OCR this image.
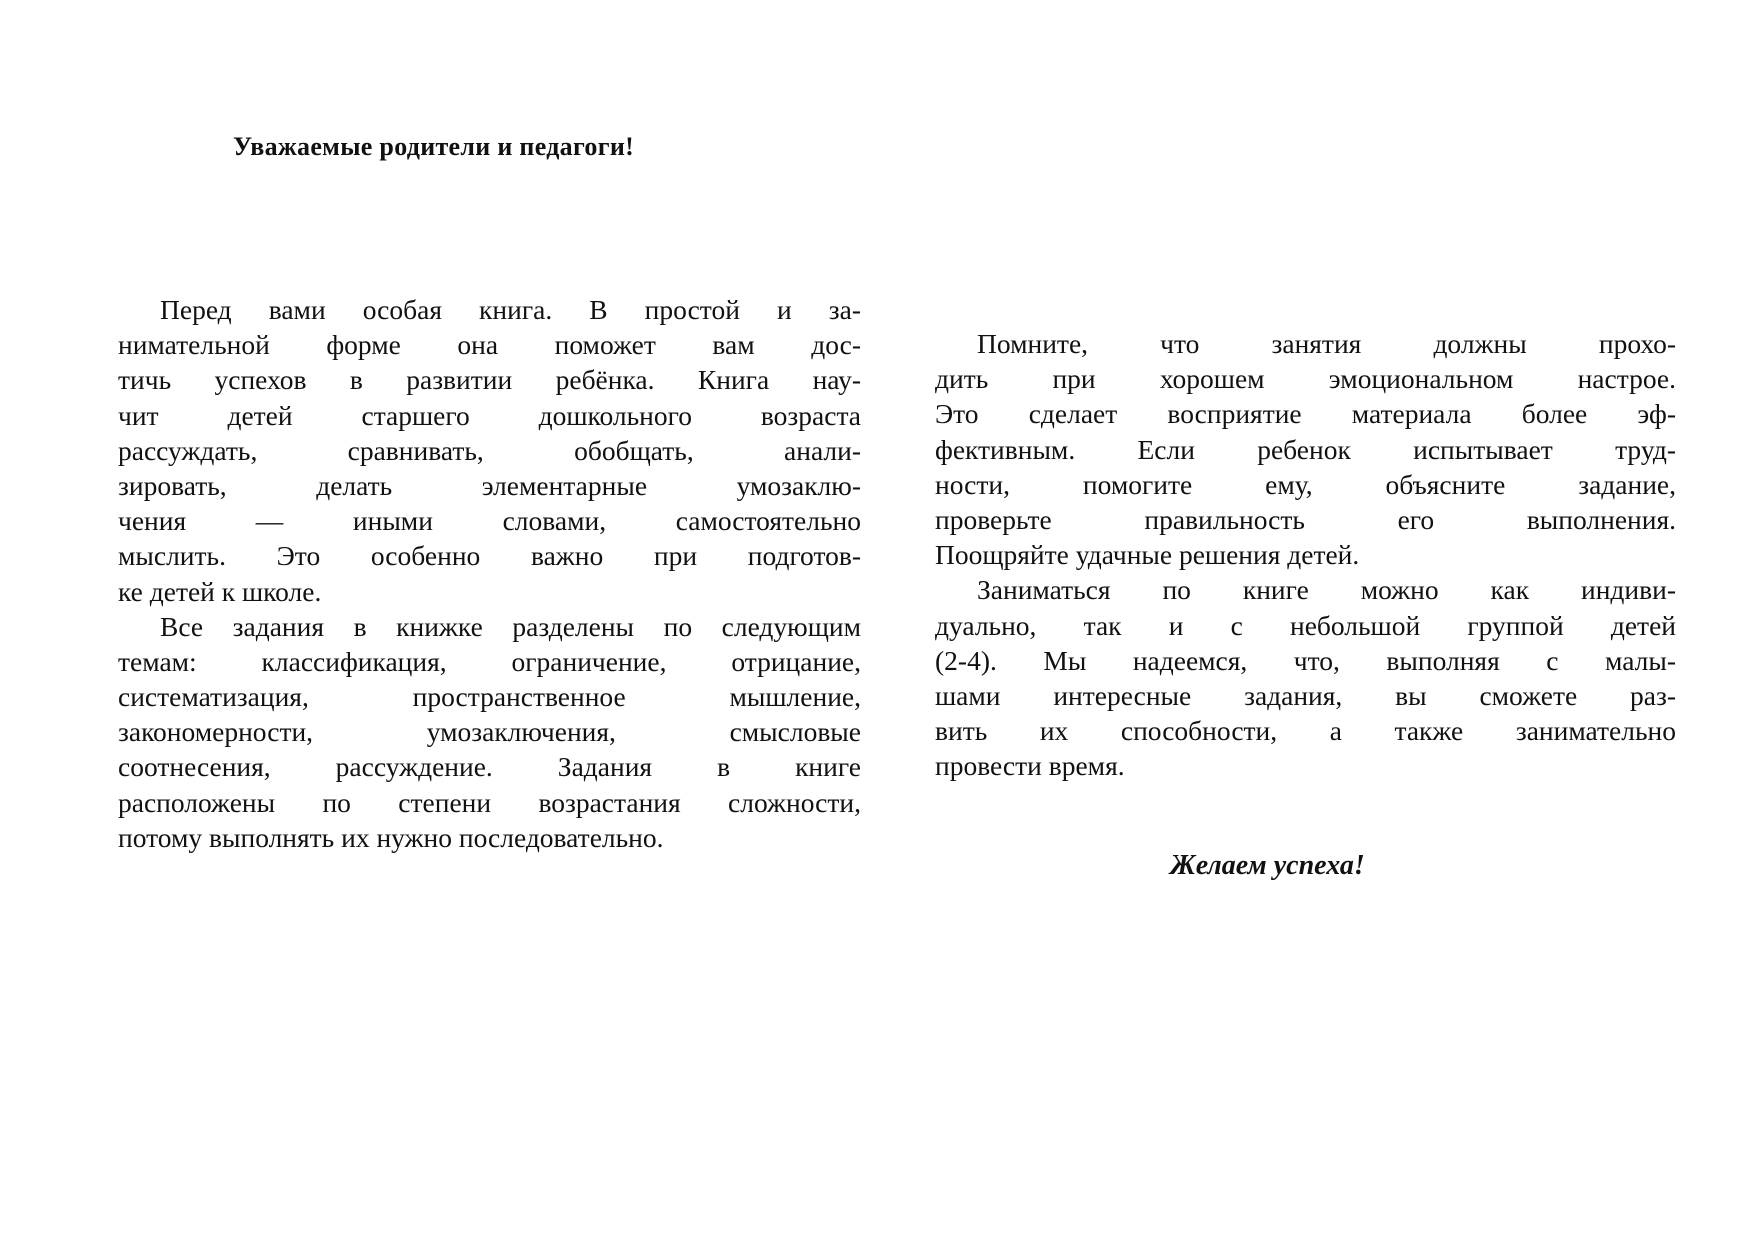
Уважаемые родители и педагоги!
Перед вами особая книга. В простой и за-
нимательной форме она поможет вам дос-
тичь успехов в развитии ребёнка. Книга нау-
чит детей старшего дошкольного возраста
рассуждать, сравнивать, обобщать, анали-
зировать, делать элементарные умозаклю-
чения — иными словами, самостоятельно
мыслить. Это особенно важно при подготов-
ке детей к школе.
Все задания в книжке разделены по следующим
темам: классификация, ограничение, отрицание,
систематизация, пространственное мышление,
закономерности, умозаключения, смысловые
соотнесения, рассуждение. Задания в книге
расположены по степени возрастания сложности,
потому выполнять их нужно последовательно.
Помните, что занятия должны прохо-
дить при хорошем эмоциональном настрое.
Это сделает восприятие материала более эф-
фективным. Если ребенок испытывает труд-
ности, помогите ему, объясните задание,
проверьте правильность его выполнения.
Поощряйте удачные решения детей.
Заниматься по книге можно как индиви-
дуально, так и с небольшой группой детей
(2-4). Мы надеемся, что, выполняя с малы-
шами интересные задания, вы сможете раз-
вить их способности, а также занимательно
провести время.
Желаем успеха!
